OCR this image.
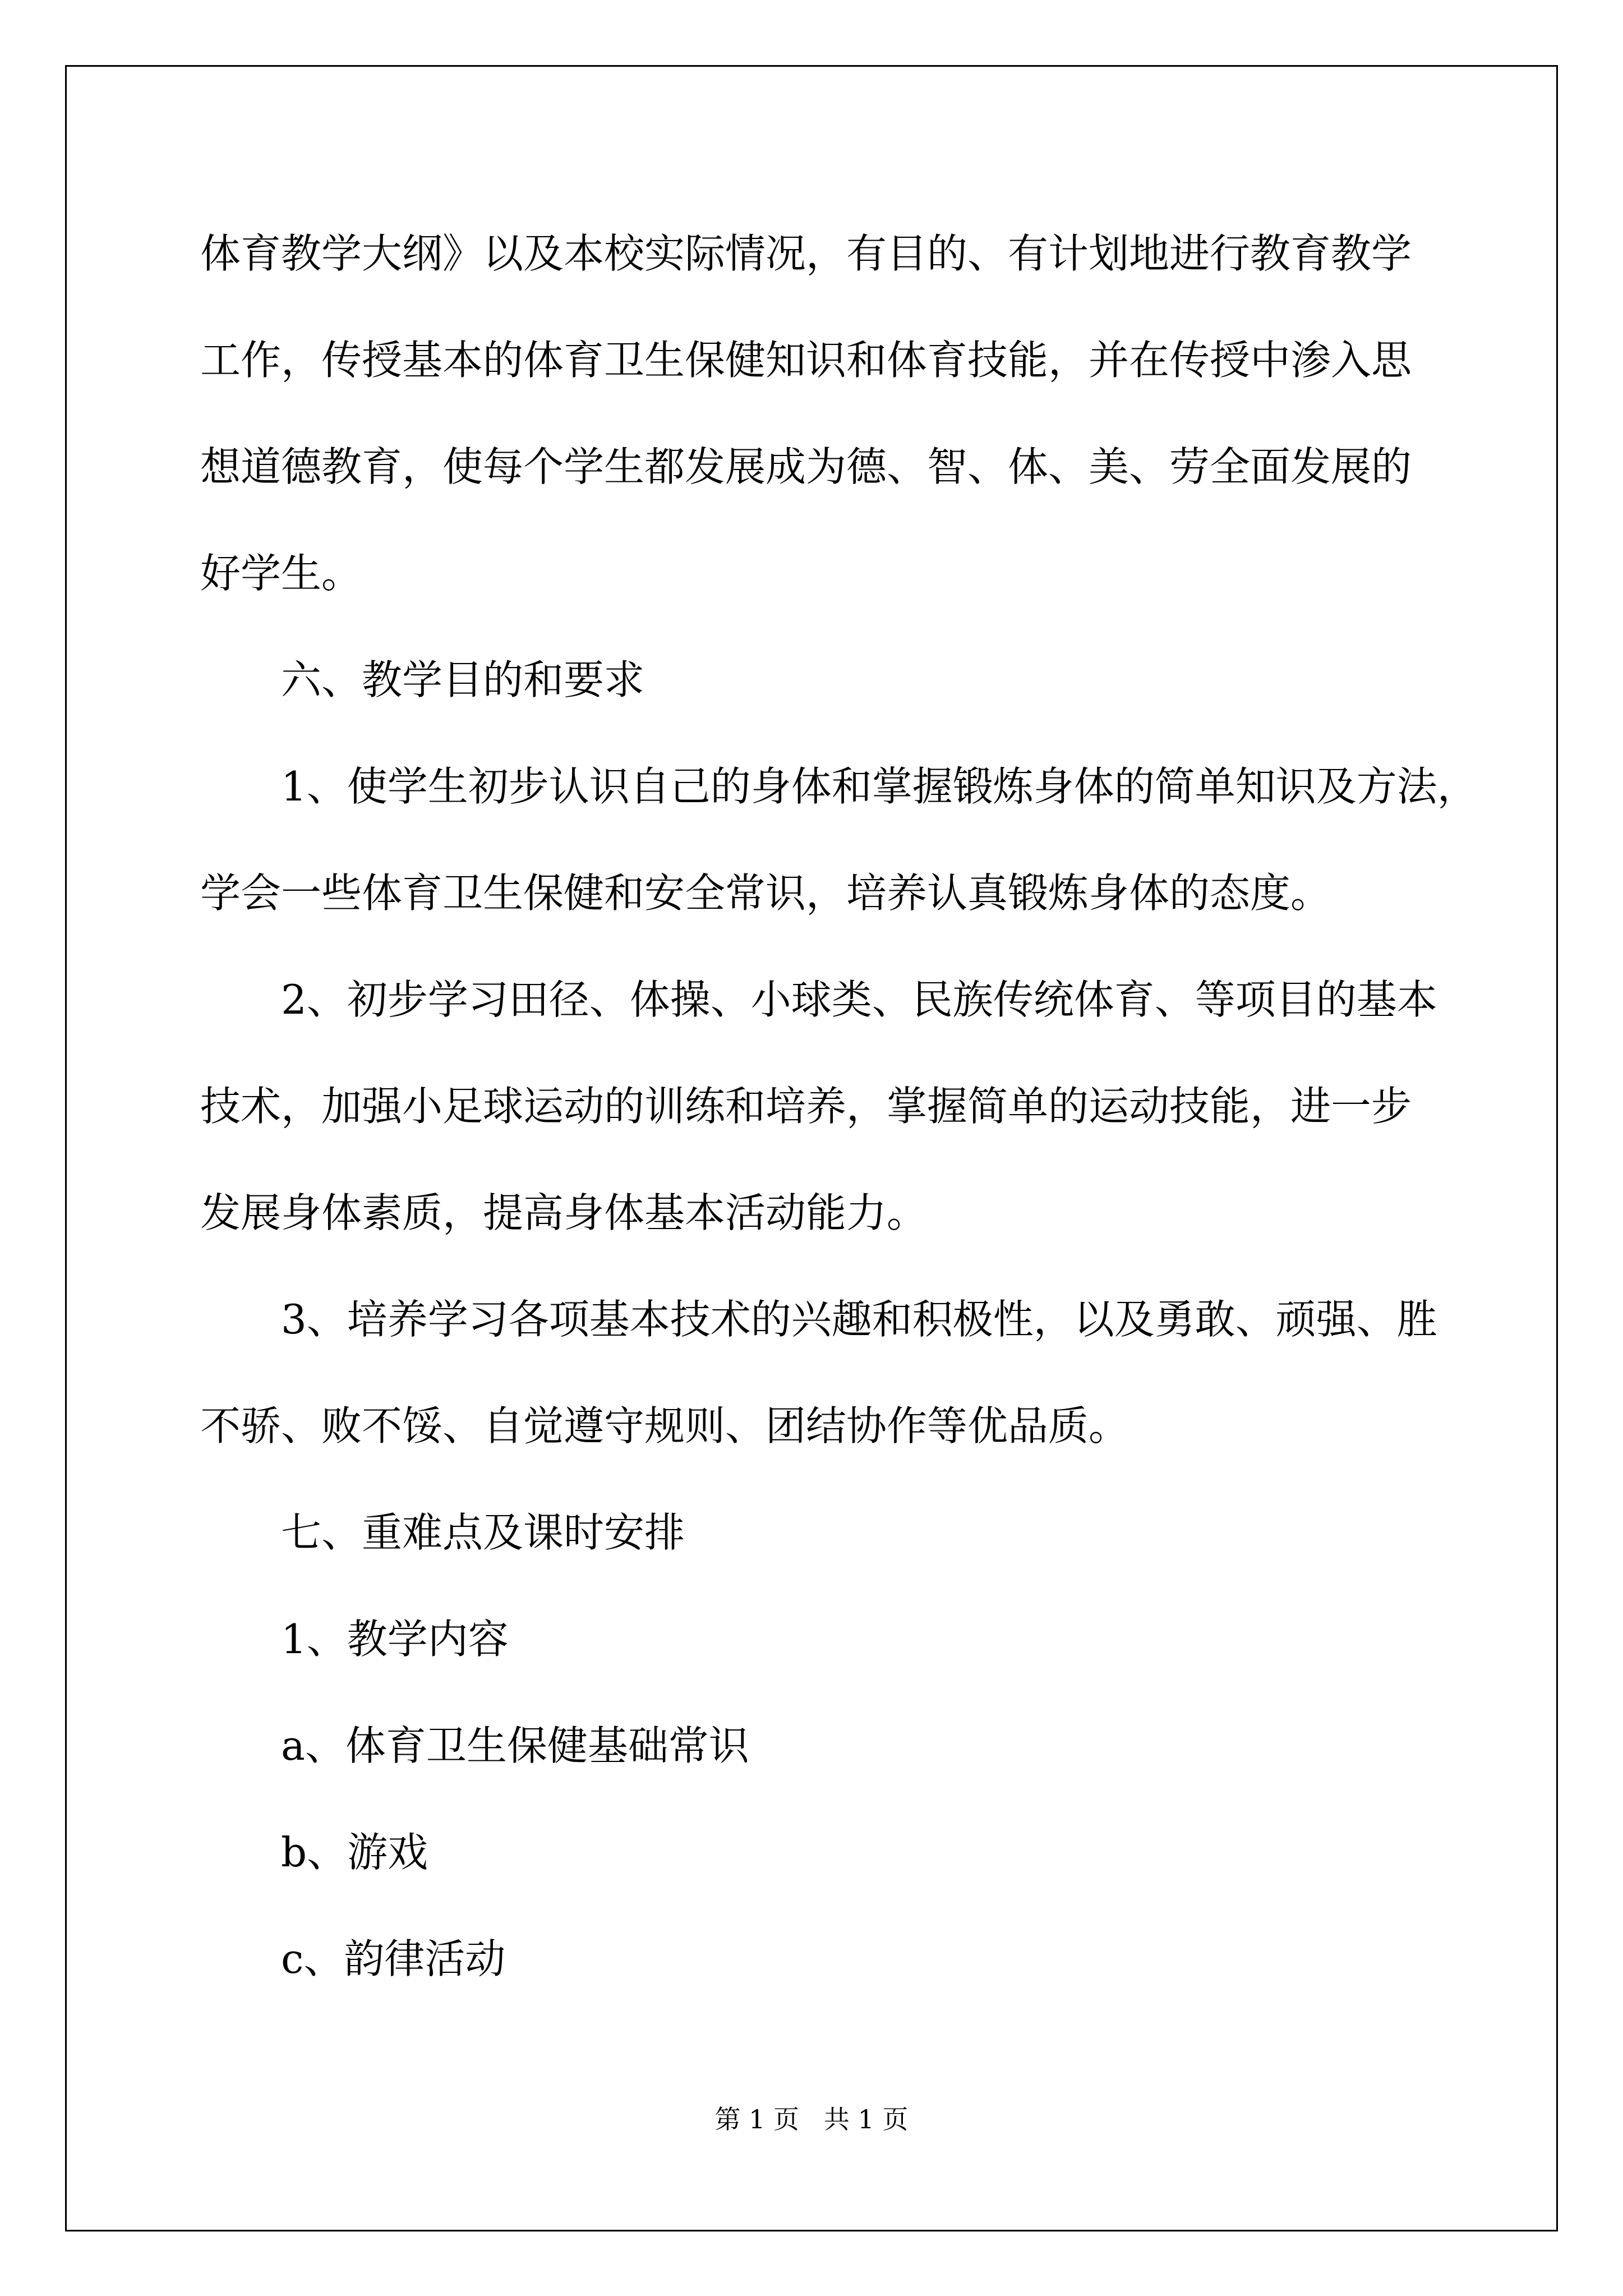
体育教学大纲》以及本校实际情况，有目的、有计划地进行教育教学
工作，传授基本的体育卫生保健知识和体育技能，并在传授中渗入思
想道德教育，使每个学生都发展成为德、智、体、美、劳全面发展的
好学生。
六、教学目的和要求
1、使学生初步认识自己的身体和掌握锻炼身体的简单知识及方法，
学会一些体育卫生保健和安全常识，培养认真锻炼身体的态度。
2、初步学习田径、体操、小球类、民族传统体育、等项目的基本
技术，加强小足球运动的训练和培养，掌握简单的运动技能，进一步
发展身体素质，提高身体基本活动能力。
3、培养学习各项基本技术的兴趣和积极性，以及勇敢、顽强、胜
不骄、败不馁、自觉遵守规则、团结协作等优品质。
七、重难点及课时安排
1、教学内容
a、体育卫生保健基础常识
b、游戏
c、韵律活动
第 1 页   共 1 页
